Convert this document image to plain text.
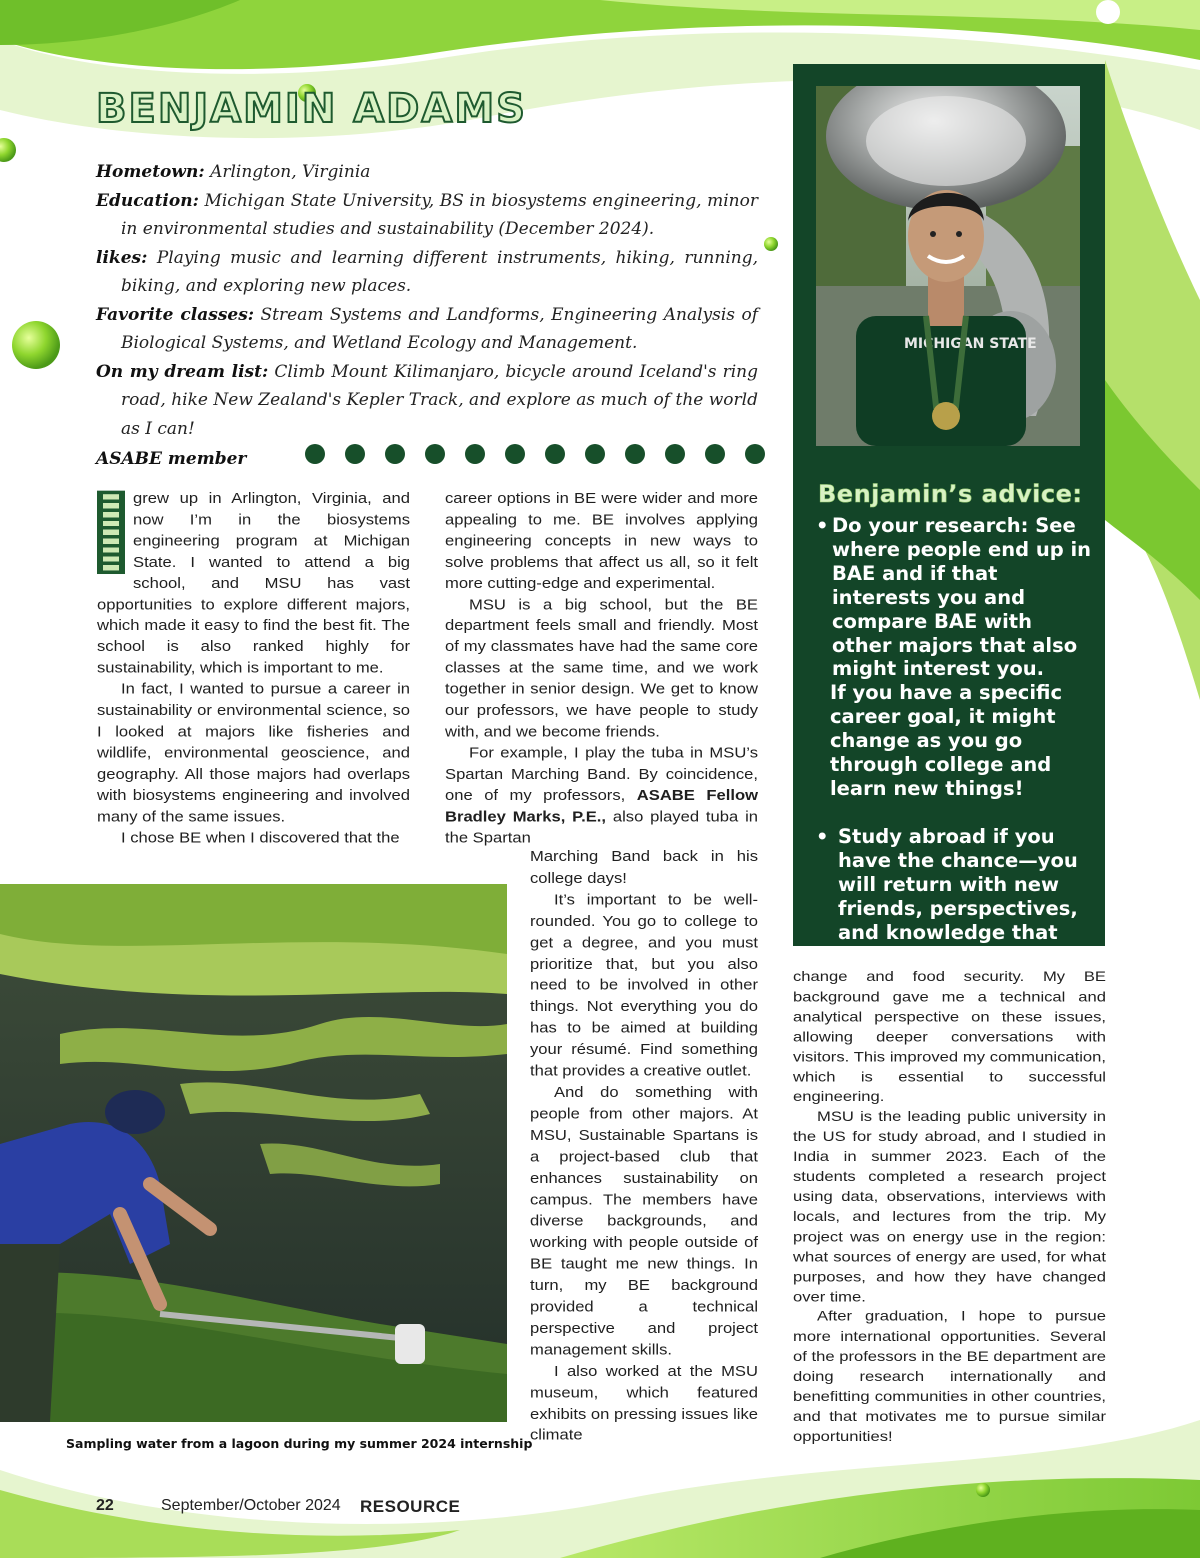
BENJAMIN ADAMS
Hometown: Arlington, Virginia
Education: Michigan State University, BS in biosystems engineering, minor in environmental studies and sustainability (December 2024).
likes: Playing music and learning different instruments, hiking, running, biking, and exploring new places.
Favorite classes: Stream Systems and Landforms, Engineering Analysis of Biological Systems, and Wetland Ecology and Management.
On my dream list: Climb Mount Kilimanjaro, bicycle around Iceland's ring road, hike New Zealand's Kepler Track, and explore as much of the world as I can!
ASABE member

grew up in Arlington, Virginia, and now I’m in the biosystems engineering program at Michigan State. I wanted to attend a big school, and MSU has vast opportunities to explore different majors, which made it easy to find the best fit. The school is also ranked highly for sustainability, which is important to me.

In fact, I wanted to pursue a career in sustainability or environmental science, so I looked at majors like fisheries and wildlife, environmental geoscience, and geography. All those majors had overlaps with biosystems engineering and involved many of the same issues.

I chose BE when I discovered that the

career options in BE were wider and more appealing to me. BE involves applying engineering concepts in new ways to solve problems that affect us all, so it felt more cutting-edge and experimental.

MSU is a big school, but the BE department feels small and friendly. Most of my classmates have had the same core classes at the same time, and we work together in senior design. We get to know our professors, we have people to study with, and we become friends.

For example, I play the tuba in MSU’s Spartan Marching Band. By coincidence, one of my professors, ASABE Fellow Bradley Marks, P.E., also played tuba in the Spartan

Marching Band back in his college days!

It’s important to be well-rounded. You go to college to get a degree, and you must prioritize that, but you also need to be involved in other things. Not everything you do has to be aimed at building your résumé. Find something that provides a creative outlet.

And do something with people from other majors. At MSU, Sustainable Spartans is a project-based club that enhances sustainability on campus. The members have diverse backgrounds, and working with people outside of BE taught me new things. In turn, my BE background provided a technical perspective and project management skills.

I also worked at the MSU museum, which featured exhibits on pressing issues like climate

change and food security. My BE background gave me a technical and analytical perspective on these issues, allowing deeper conversations with visitors. This improved my communication, which is essential to successful engineering.

MSU is the leading public university in the US for study abroad, and I studied in India in summer 2023. Each of the students completed a research project using data, observations, interviews with locals, and lectures from the trip. My project was on energy use in the region: what sources of energy are used, for what purposes, and how they have changed over time.

After graduation, I hope to pursue more international opportunities. Several of the professors in the BE department are doing research internationally and benefitting communities in other countries, and that motivates me to pursue similar opportunities!

MICHIGAN STATE
Benjamin’s advice:
• Do your research: See where people end up in BAE and if that interests you and compare BAE with other majors that also might interest you.
If you have a specific career goal, it might change as you go through college and learn new things!
• Study abroad if you have the chance—you will return with new friends, perspectives, and knowledge that you can’t get at home.
Sampling water from a lagoon during my summer 2024 internship
22	September/October 2024 RESOURCE
